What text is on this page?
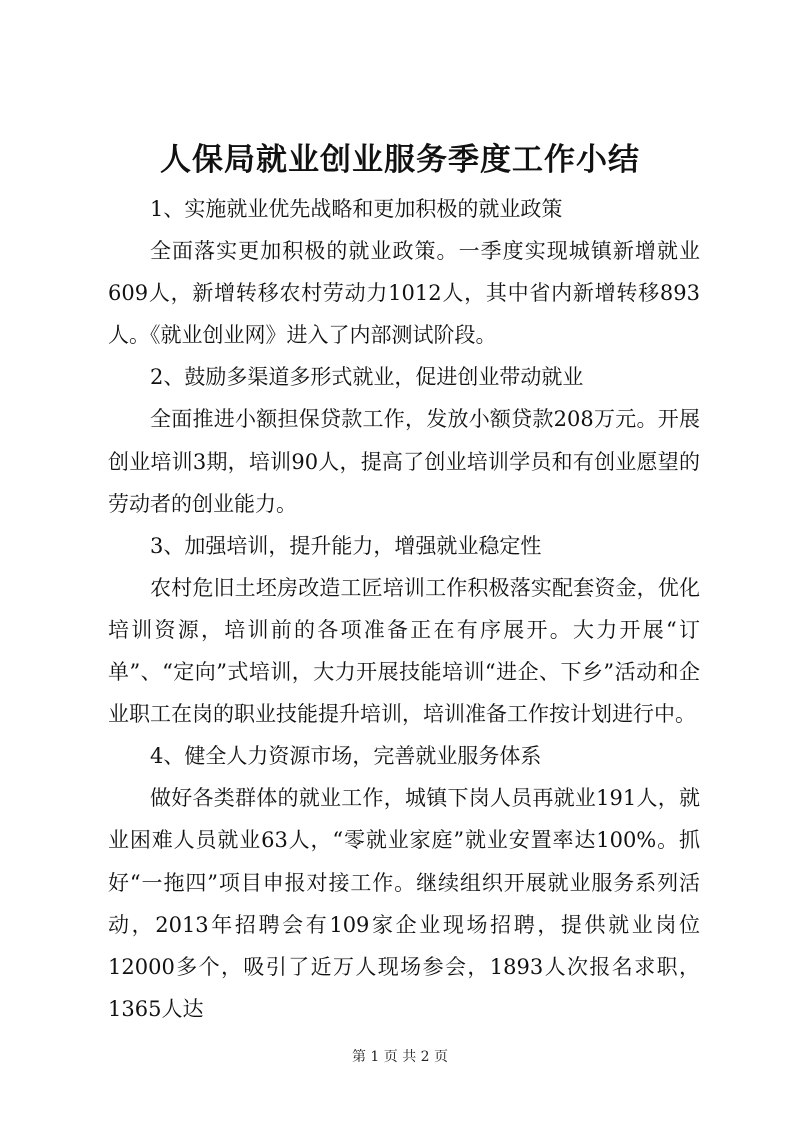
人保局就业创业服务季度工作小结

1、实施就业优先战略和更加积极的就业政策

全面落实更加积极的就业政策。一季度实现城镇新增就业609人，新增转移农村劳动力1012人，其中省内新增转移893人。《就业创业网》进入了内部测试阶段。

2、鼓励多渠道多形式就业，促进创业带动就业

全面推进小额担保贷款工作，发放小额贷款208万元。开展创业培训3期，培训90人，提高了创业培训学员和有创业愿望的劳动者的创业能力。

3、加强培训，提升能力，增强就业稳定性

农村危旧土坯房改造工匠培训工作积极落实配套资金，优化培训资源，培训前的各项准备正在有序展开。大力开展“订单”、“定向”式培训，大力开展技能培训“进企、下乡”活动和企业职工在岗的职业技能提升培训，培训准备工作按计划进行中。

4、健全人力资源市场，完善就业服务体系

做好各类群体的就业工作，城镇下岗人员再就业191人，就业困难人员就业63人，“零就业家庭”就业安置率达100%。抓好“一拖四”项目申报对接工作。继续组织开展就业服务系列活动，2013年招聘会有109家企业现场招聘，提供就业岗位12000多个，吸引了近万人现场参会，1893人次报名求职，1365人达

第 1 页 共 2 页
